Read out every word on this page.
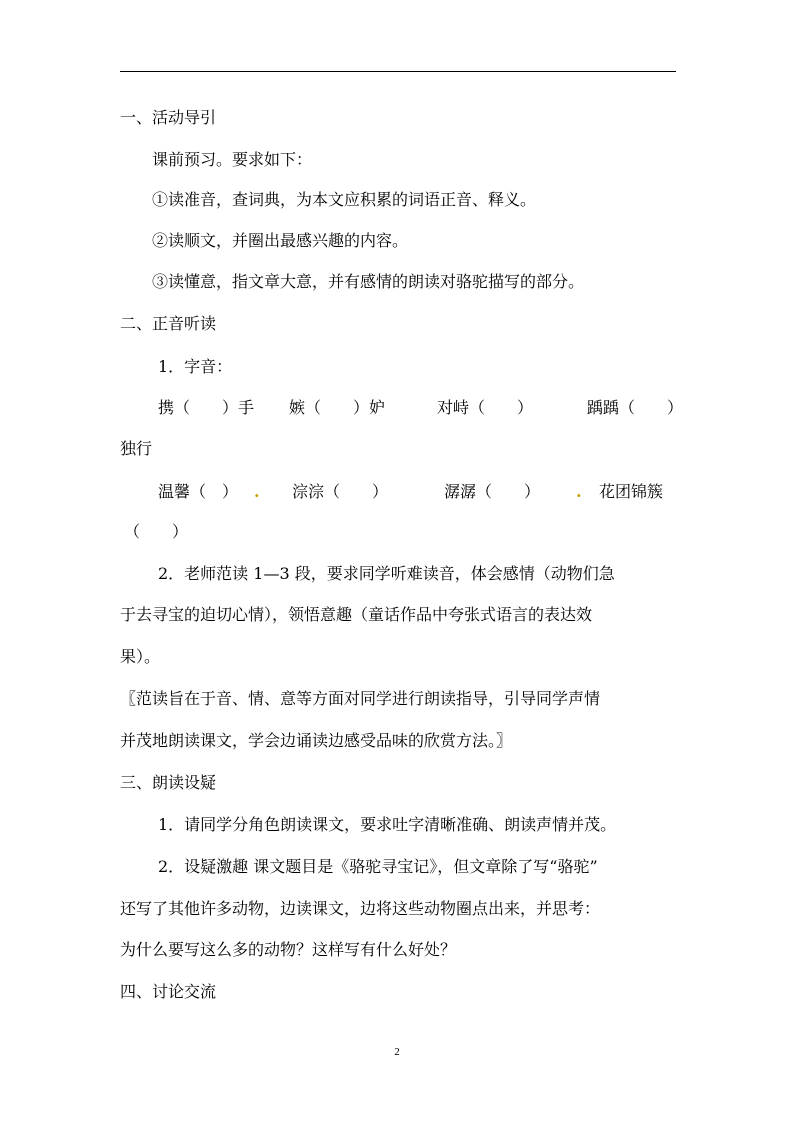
一、活动导引
课前预习。要求如下：
①读准音，查词典，为本文应积累的词语正音、释义。
②读顺文，并圈出最感兴趣的内容。
③读懂意，指文章大意，并有感情的朗读对骆驼描写的部分。
二、正音听读
1．字音：
携（　　）手 嫉（　　）妒	对峙（　　）	踽踽（　　）
独行
温馨（　） . 淙淙（　　）	潺潺（　　） . 花团锦簇
（　　）
2．老师范读 1—3 段，要求同学听难读音，体会感情（动物们急
于去寻宝的迫切心情），领悟意趣（童话作品中夸张式语言的表达效
果）。
〖范读旨在于音、情、意等方面对同学进行朗读指导，引导同学声情
并茂地朗读课文，学会边诵读边感受品味的欣赏方法。〗
三、朗读设疑
1．请同学分角色朗读课文，要求吐字清晰准确、朗读声情并茂。
2．设疑激趣 课文题目是《骆驼寻宝记》，但文章除了写“骆驼”
还写了其他许多动物，边读课文，边将这些动物圈点出来，并思考：
为什么要写这么多的动物？这样写有什么好处？
四、讨论交流
2
